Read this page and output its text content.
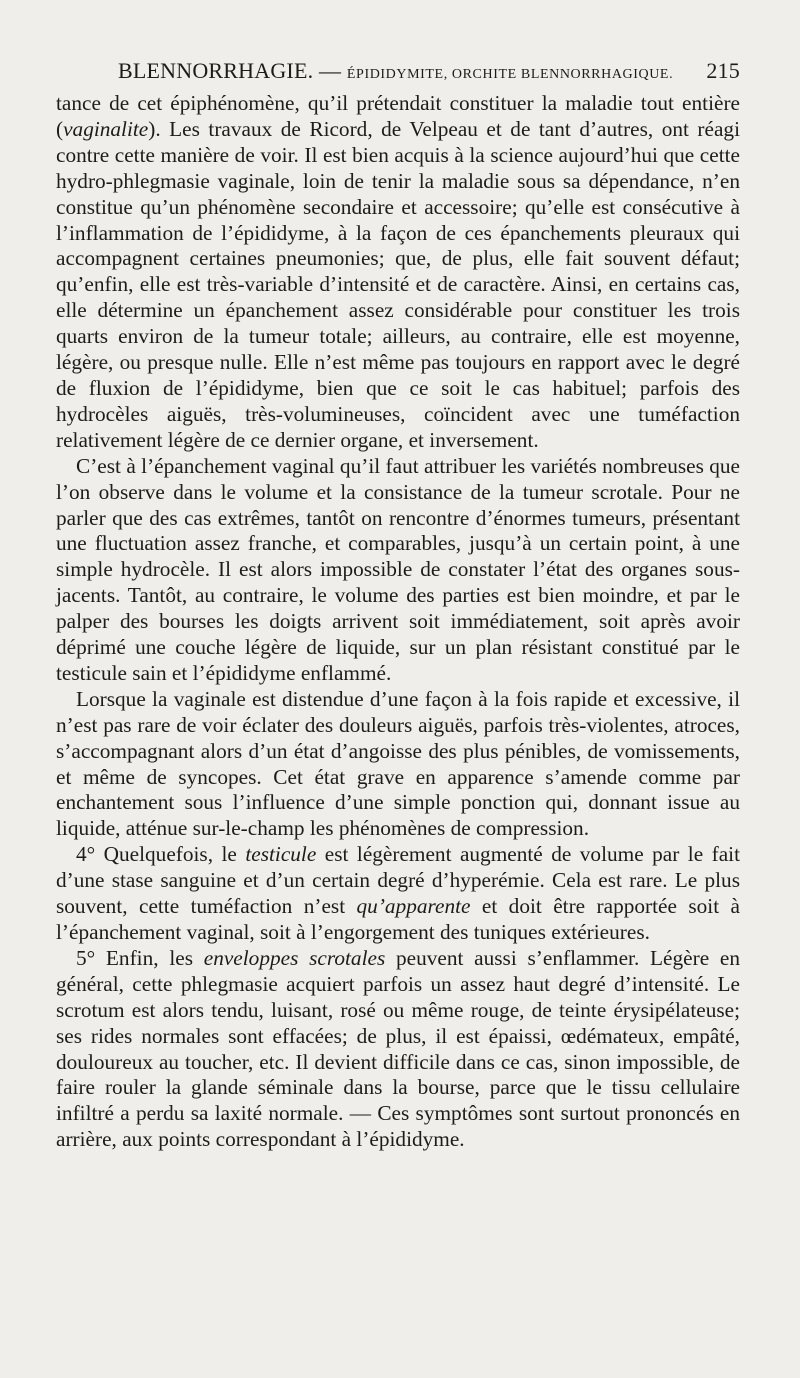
BLENNORRHAGIE. — ÉPIDIDYMITE, ORCHITE BLENNORRHAGIQUE. 215

tance de cet épiphénomène, qu’il prétendait constituer la maladie tout entière (vaginalite). Les travaux de Ricord, de Velpeau et de tant d’autres, ont réagi contre cette manière de voir. Il est bien acquis à la science aujourd’hui que cette hydro-phlegmasie vaginale, loin de tenir la maladie sous sa dépendance, n’en constitue qu’un phénomène secondaire et accessoire; qu’elle est consécutive à l’inflammation de l’épididyme, à la façon de ces épanchements pleuraux qui accompagnent certaines pneumonies; que, de plus, elle fait souvent défaut; qu’enfin, elle est très-variable d’intensité et de caractère. Ainsi, en certains cas, elle détermine un épanchement assez considérable pour constituer les trois quarts environ de la tumeur totale; ailleurs, au contraire, elle est moyenne, légère, ou presque nulle. Elle n’est même pas toujours en rapport avec le degré de fluxion de l’épididyme, bien que ce soit le cas habituel; parfois des hydrocèles aiguës, très-volumineuses, coïncident avec une tuméfaction relativement légère de ce dernier organe, et inversement.

C’est à l’épanchement vaginal qu’il faut attribuer les variétés nombreuses que l’on observe dans le volume et la consistance de la tumeur scrotale. Pour ne parler que des cas extrêmes, tantôt on rencontre d’énormes tumeurs, présentant une fluctuation assez franche, et comparables, jusqu’à un certain point, à une simple hydrocèle. Il est alors impossible de constater l’état des organes sous-jacents. Tantôt, au contraire, le volume des parties est bien moindre, et par le palper des bourses les doigts arrivent soit immédiatement, soit après avoir déprimé une couche légère de liquide, sur un plan résistant constitué par le testicule sain et l’épididyme enflammé.

Lorsque la vaginale est distendue d’une façon à la fois rapide et excessive, il n’est pas rare de voir éclater des douleurs aiguës, parfois très-violentes, atroces, s’accompagnant alors d’un état d’angoisse des plus pénibles, de vomissements, et même de syncopes. Cet état grave en apparence s’amende comme par enchantement sous l’influence d’une simple ponction qui, donnant issue au liquide, atténue sur-le-champ les phénomènes de compression.

4° Quelquefois, le testicule est légèrement augmenté de volume par le fait d’une stase sanguine et d’un certain degré d’hyperémie. Cela est rare. Le plus souvent, cette tuméfaction n’est qu’apparente et doit être rapportée soit à l’épanchement vaginal, soit à l’engorgement des tuniques extérieures.

5° Enfin, les enveloppes scrotales peuvent aussi s’enflammer. Légère en général, cette phlegmasie acquiert parfois un assez haut degré d’intensité. Le scrotum est alors tendu, luisant, rosé ou même rouge, de teinte érysipélateuse; ses rides normales sont effacées; de plus, il est épaissi, œdémateux, empâté, douloureux au toucher, etc. Il devient difficile dans ce cas, sinon impossible, de faire rouler la glande séminale dans la bourse, parce que le tissu cellulaire infiltré a perdu sa laxité normale. — Ces symptômes sont surtout prononcés en arrière, aux points correspondant à l’épididyme.
